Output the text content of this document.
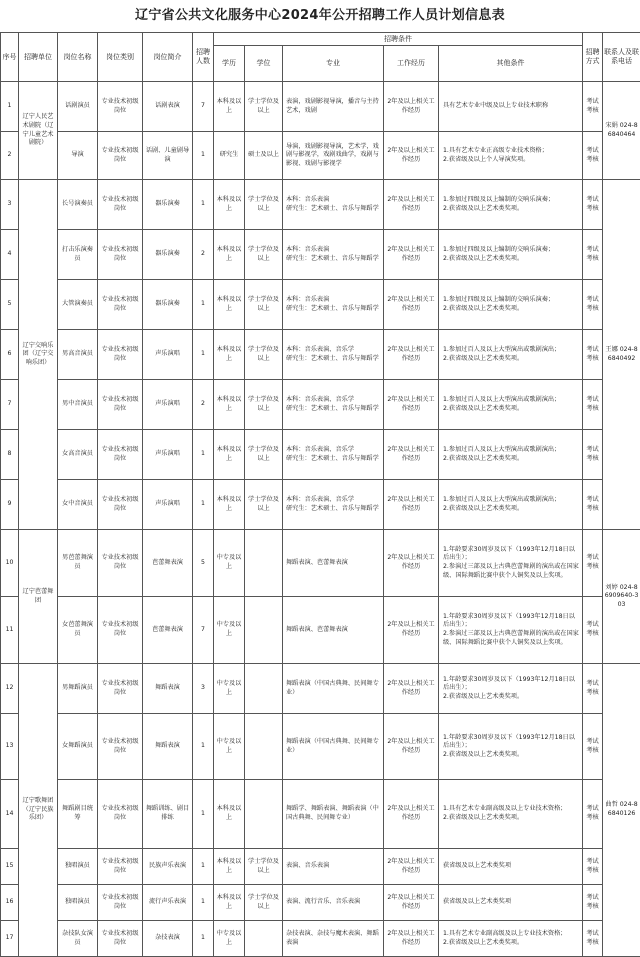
辽宁省公共文化服务中心2024年公开招聘工作人员计划信息表
序号	招聘单位	岗位名称	岗位类别	岗位简介	招聘人数	招聘条件					招聘方式	联系人及联系电话
						学历	学位	专业	工作经历	其他条件		
1	辽宁人民艺术剧院（辽宁儿童艺术剧院）	话剧演员	专业技术初级岗位	话剧表演	7	本科及以上	学士学位及以上	表演，戏剧影视导演，播音与主持艺术，戏剧	2年及以上相关工作经历	具有艺术专业中级及以上专业技术职称	考试考核	宋娟 024-86840464
2		导演	专业技术初级岗位	话剧、儿童剧导演	1	研究生	硕士及以上	导演，戏剧影视导演，艺术学，戏剧与影视学，戏剧戏曲学，戏剧与影视、戏剧与影视学	2年及以上相关工作经历	1.具有艺术专业正高级专业技术资格；
2.获省级及以上个人导演奖项。	考试考核	
3	辽宁交响乐团（辽宁交响乐团）	长号演奏员	专业技术初级岗位	器乐演奏	1	本科及以上	学士学位及以上	本科：音乐表演
研究生：艺术硕士、音乐与舞蹈学	2年及以上相关工作经历	1.参加过四级及以上编制的交响乐演奏；
2.获省级及以上艺术类奖项。	考试考核	王娜 024-86840492
4		打击乐演奏员	专业技术初级岗位	器乐演奏	2	本科及以上	学士学位及以上	本科：音乐表演
研究生：艺术硕士、音乐与舞蹈学	2年及以上相关工作经历	1.参加过四级及以上编制的交响乐演奏；
2.获省级及以上艺术类奖项。	考试考核	
5		大管演奏员	专业技术初级岗位	器乐演奏	1	本科及以上	学士学位及以上	本科：音乐表演
研究生：艺术硕士、音乐与舞蹈学	2年及以上相关工作经历	1.参加过四级及以上编制的交响乐演奏；
2.获省级及以上艺术类奖项。	考试考核	
6		男高音演员	专业技术初级岗位	声乐演唱	1	本科及以上	学士学位及以上	本科：音乐表演、音乐学
研究生：艺术硕士、音乐与舞蹈学	2年及以上相关工作经历	1.参加过百人及以上大型演出或歌剧演出；
2.获省级及以上艺术类奖项。	考试考核	
7		男中音演员	专业技术初级岗位	声乐演唱	2	本科及以上	学士学位及以上	本科：音乐表演、音乐学
研究生：艺术硕士、音乐与舞蹈学	2年及以上相关工作经历	1.参加过百人及以上大型演出或歌剧演出；
2.获省级及以上艺术类奖项。	考试考核	
8		女高音演员	专业技术初级岗位	声乐演唱	1	本科及以上	学士学位及以上	本科：音乐表演、音乐学
研究生：艺术硕士、音乐与舞蹈学	2年及以上相关工作经历	1.参加过百人及以上大型演出或歌剧演出；
2.获省级及以上艺术类奖项。	考试考核	
9		女中音演员	专业技术初级岗位	声乐演唱	1	本科及以上	学士学位及以上	本科：音乐表演、音乐学
研究生：艺术硕士、音乐与舞蹈学	2年及以上相关工作经历	1.参加过百人及以上大型演出或歌剧演出；
2.获省级及以上艺术类奖项。	考试考核	
10	辽宁芭蕾舞团	男芭蕾舞演员	专业技术初级岗位	芭蕾舞表演	5	中专及以上		舞蹈表演、芭蕾舞表演	2年及以上相关工作经历	1.年龄要求30周岁及以下（1993年12月18日以后出生）；
2.参演过三部及以上古典芭蕾舞剧的演出或在国家级、国际舞蹈比赛中获个人铜奖及以上奖项。	考试考核	刘婷 024-86909640-303
11		女芭蕾舞演员	专业技术初级岗位	芭蕾舞表演	7	中专及以上		舞蹈表演、芭蕾舞表演	2年及以上相关工作经历	1.年龄要求30周岁及以下（1993年12月18日以后出生）；
2.参演过三部及以上古典芭蕾舞剧的演出或在国家级、国际舞蹈比赛中获个人铜奖及以上奖项。	考试考核	
12	辽宁歌舞团（辽宁民族乐团）	男舞蹈演员	专业技术初级岗位	舞蹈表演	3	中专及以上		舞蹈表演（中国古典舞、民间舞专业）	2年及以上相关工作经历	1.年龄要求30周岁及以下（1993年12月18日以后出生）；
2.获省级及以上艺术类奖项。	考试考核	曲哲 024-86840126
13		女舞蹈演员	专业技术初级岗位	舞蹈表演	1	中专及以上		舞蹈表演（中国古典舞、民间舞专业）	2年及以上相关工作经历	1.年龄要求30周岁及以下（1993年12月18日以后出生）；
2.获省级及以上艺术类奖项。	考试考核	
14		舞蹈剧目统筹	专业技术初级岗位	舞蹈训练、剧目排练	1	本科及以上		舞蹈学、舞蹈表演、舞蹈表演（中国古典舞、民间舞专业）	2年及以上相关工作经历	1.具有艺术专业副高级及以上专业技术资格；
2.获省级及以上艺术类奖项。	考试考核	
15		独唱演员	专业技术初级岗位	民族声乐表演	1	本科及以上	学士学位及以上	表演、音乐表演	2年及以上相关工作经历	获省级及以上艺术类奖项	考试考核	
16		独唱演员	专业技术初级岗位	流行声乐表演	1	本科及以上	学士学位及以上	表演、流行音乐、音乐表演	2年及以上相关工作经历	获省级及以上艺术类奖项	考试考核	
17		杂技队女演员	专业技术初级岗位	杂技表演	1	中专及以上		杂技表演、杂技与魔术表演、舞蹈表演	2年及以上相关工作经历	1.具有艺术专业副高级及以上专业技术资格；
2.获省级及以上艺术类奖项。	考试考核	
